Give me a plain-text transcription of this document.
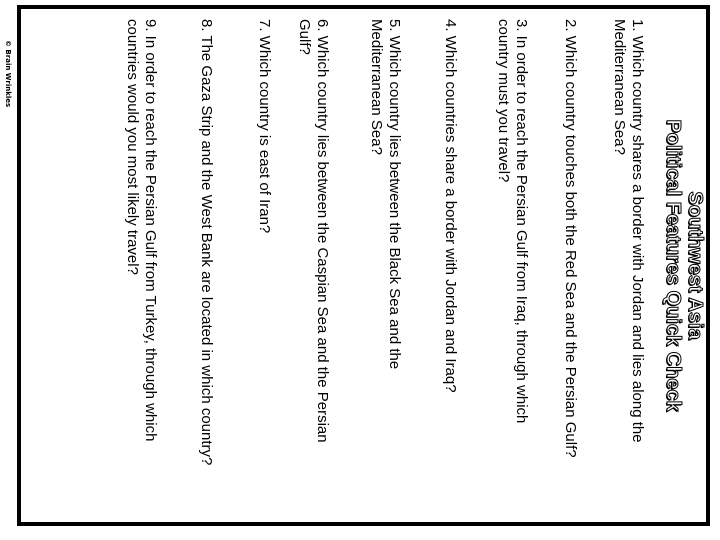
© Brain Wrinkles
Southwest Asia
Political Features Quick Check
1. Which country shares a border with Jordan and lies along the Mediterranean Sea?
2. Which country touches both the Red Sea and the Persian Gulf?
3. In order to reach the Persian Gulf from Iraq, through which country must you travel?
4. Which countries share a border with Jordan and Iraq?
5. Which country lies between the Black Sea and the Mediterranean Sea?
6. Which country lies between the Caspian Sea and the Persian Gulf?
7. Which country is east of Iran?
8. The Gaza Strip and the West Bank are located in which country?
9. In order to reach the Persian Gulf from Turkey, through which countries would you most likely travel?
